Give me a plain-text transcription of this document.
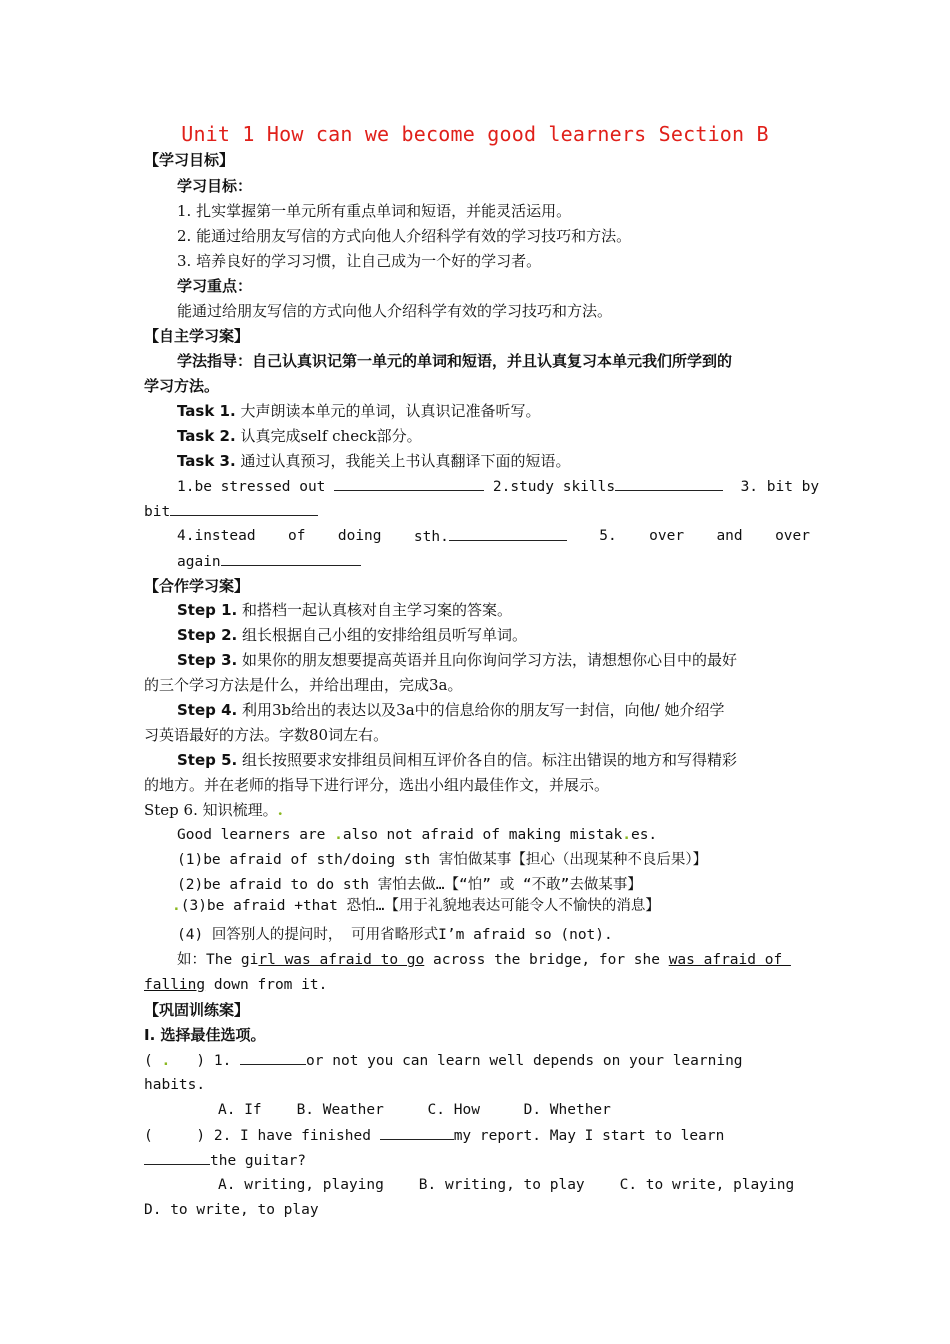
Unit 1 How can we become good learners Section B
【学习目标】
学习目标：
1. 扎实掌握第一单元所有重点单词和短语，并能灵活运用。
2. 能通过给朋友写信的方式向他人介绍科学有效的学习技巧和方法。
3. 培养良好的学习习惯，让自己成为一个好的学习者。
学习重点：
能通过给朋友写信的方式向他人介绍科学有效的学习技巧和方法。
【自主学习案】
学法指导：自己认真识记第一单元的单词和短语，并且认真复习本单元我们所学到的
学习方法。
Task 1. 大声朗读本单元的单词，认真识记准备听写。
Task 2. 认真完成self check部分。
Task 3. 通过认真预习，我能关上书认真翻译下面的短语。
1.be stressed out	2.study skills	3. bit by
bit
4.instead of doing sth.	5. over and over
again
【合作学习案】
Step 1. 和搭档一起认真核对自主学习案的答案。
Step 2. 组长根据自己小组的安排给组员听写单词。
Step 3. 如果你的朋友想要提高英语并且向你询问学习方法，请想想你心目中的最好
的三个学习方法是什么，并给出理由，完成3a。
Step 4. 利用3b给出的表达以及3a中的信息给你的朋友写一封信，向他/ 她介绍学
习英语最好的方法。字数80词左右。
Step 5. 组长按照要求安排组员间相互评价各自的信。标注出错误的地方和写得精彩
的地方。并在老师的指导下进行评分，选出小组内最佳作文，并展示。
Step 6. 知识梳理。.
Good learners are .also not afraid of making mistak.es.
(1)be afraid of sth/doing sth 害怕做某事【担心（出现某种不良后果）】
(2)be afraid to do sth 害怕去做…【“怕” 或 “不敢”去做某事】
.(3)be afraid +that 恐怕…【用于礼貌地表达可能令人不愉快的消息】
(4) 回答别人的提问时， 可用省略形式I’m afraid so (not).
如：The girl was afraid to go across the bridge, for she was afraid of
falling down from it.
【巩固训练案】
I. 选择最佳选项。
( .   ) 1.	or not you can learn well depends on your learning
habits.
A. If B. Weather	C. How	D. Whether
(     ) 2. I have finished	my report. May I start to learn
the guitar?
A. writing, playing B. writing, to play C. to write, playing
D. to write, to play
